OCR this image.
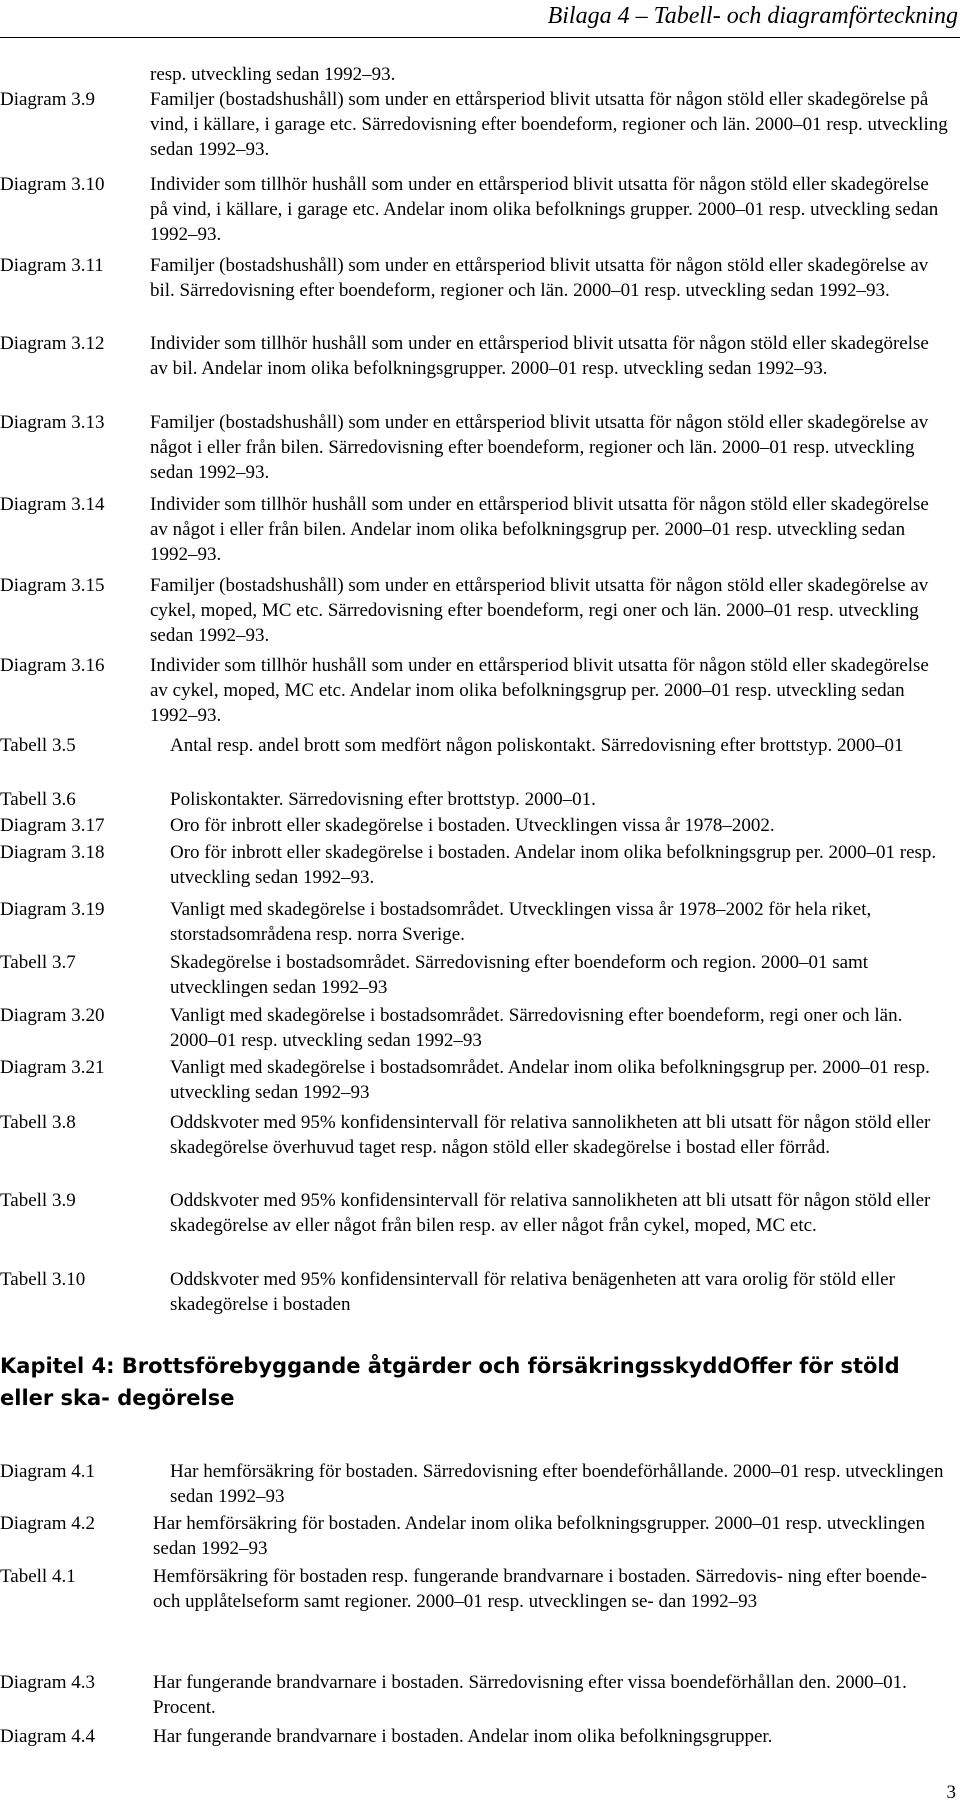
Bilaga 4 – Tabell- och diagramförteckning
resp. utveckling sedan 1992–93.
Diagram 3.9	Familjer (bostadshushåll) som under en ettårsperiod blivit utsatta för någon stöld eller skadegörelse på vind, i källare, i garage etc. Särredovisning efter boendeform, regioner och län. 2000–01 resp. utveckling sedan 1992–93.
Diagram 3.10 Individer som tillhör hushåll som under en ettårsperiod blivit utsatta för någon stöld eller skadegörelse på vind, i källare, i garage etc. Andelar inom olika befolknings grupper. 2000–01 resp. utveckling sedan 1992–93.
Diagram 3.11 Familjer (bostadshushåll) som under en ettårsperiod blivit utsatta för någon stöld eller skadegörelse av bil. Särredovisning efter boendeform, regioner och län. 2000–01 resp. utveckling sedan 1992–93.
Diagram 3.12 Individer som tillhör hushåll som under en ettårsperiod blivit utsatta för någon stöld eller skadegörelse av bil. Andelar inom olika befolkningsgrupper. 2000–01 resp. utveckling sedan 1992–93.
Diagram 3.13 Familjer (bostadshushåll) som under en ettårsperiod blivit utsatta för någon stöld eller skadegörelse av något i eller från bilen. Särredovisning efter boendeform, regioner och län. 2000–01 resp. utveckling sedan 1992–93.
Diagram 3.14 Individer som tillhör hushåll som under en ettårsperiod blivit utsatta för någon stöld eller skadegörelse av något i eller från bilen. Andelar inom olika befolkningsgrup per. 2000–01 resp. utveckling sedan 1992–93.
Diagram 3.15 Familjer (bostadshushåll) som under en ettårsperiod blivit utsatta för någon stöld eller skadegörelse av cykel, moped, MC etc. Särredovisning efter boendeform, regi oner och län. 2000–01 resp. utveckling sedan 1992–93.
Diagram 3.16 Individer som tillhör hushåll som under en ettårsperiod blivit utsatta för någon stöld eller skadegörelse av cykel, moped, MC etc. Andelar inom olika befolkningsgrup per. 2000–01 resp. utveckling sedan 1992–93.
Tabell 3.5	Antal resp. andel brott som medfört någon poliskontakt. Särredovisning efter brottstyp. 2000–01
Tabell 3.6	Poliskontakter. Särredovisning efter brottstyp. 2000–01.
Diagram 3.17	Oro för inbrott eller skadegörelse i bostaden. Utvecklingen vissa år 1978–2002.
Diagram 3.18	Oro för inbrott eller skadegörelse i bostaden. Andelar inom olika befolkningsgrup per. 2000–01 resp. utveckling sedan 1992–93.
Diagram 3.19	Vanligt med skadegörelse i bostadsområdet. Utvecklingen vissa år 1978–2002 för hela riket, storstadsområdena resp. norra Sverige.
Tabell 3.7	Skadegörelse i bostadsområdet. Särredovisning efter boendeform och region. 2000–01 samt utvecklingen sedan 1992–93
Diagram 3.20	Vanligt med skadegörelse i bostadsområdet. Särredovisning efter boendeform, regi oner och län. 2000–01 resp. utveckling sedan 1992–93
Diagram 3.21	Vanligt med skadegörelse i bostadsområdet. Andelar inom olika befolkningsgrup per. 2000–01 resp. utveckling sedan 1992–93
Tabell 3.8	Oddskvoter med 95% konfidensintervall för relativa sannolikheten att bli utsatt för någon stöld eller skadegörelse överhuvud taget resp. någon stöld eller skadegörelse i bostad eller förråd.
Tabell 3.9	Oddskvoter med 95% konfidensintervall för relativa sannolikheten att bli utsatt för någon stöld eller skadegörelse av eller något från bilen resp. av eller något från cykel, moped, MC etc.
Tabell 3.10	Oddskvoter med 95% konfidensintervall för relativa benägenheten att vara orolig för stöld eller skadegörelse i bostaden
Kapitel 4: Brottsförebyggande åtgärder och försäkringsskyddOffer för stöld eller ska- degörelse
Diagram 4.1	Har hemförsäkring för bostaden. Särredovisning efter boendeförhållande. 2000–01 resp. utvecklingen sedan 1992–93
Diagram 4.2	Har hemförsäkring för bostaden. Andelar inom olika befolkningsgrupper. 2000–01 resp. utvecklingen sedan 1992–93
Tabell 4.1	Hemförsäkring för bostaden resp. fungerande brandvarnare i bostaden. Särredovis- ning efter boende- och upplåtelseform samt regioner. 2000–01 resp. utvecklingen se- dan 1992–93
Diagram 4.3	Har fungerande brandvarnare i bostaden. Särredovisning efter vissa boendeförhållan den. 2000–01. Procent.
Diagram 4.4	Har fungerande brandvarnare i bostaden. Andelar inom olika befolkningsgrupper.
3
